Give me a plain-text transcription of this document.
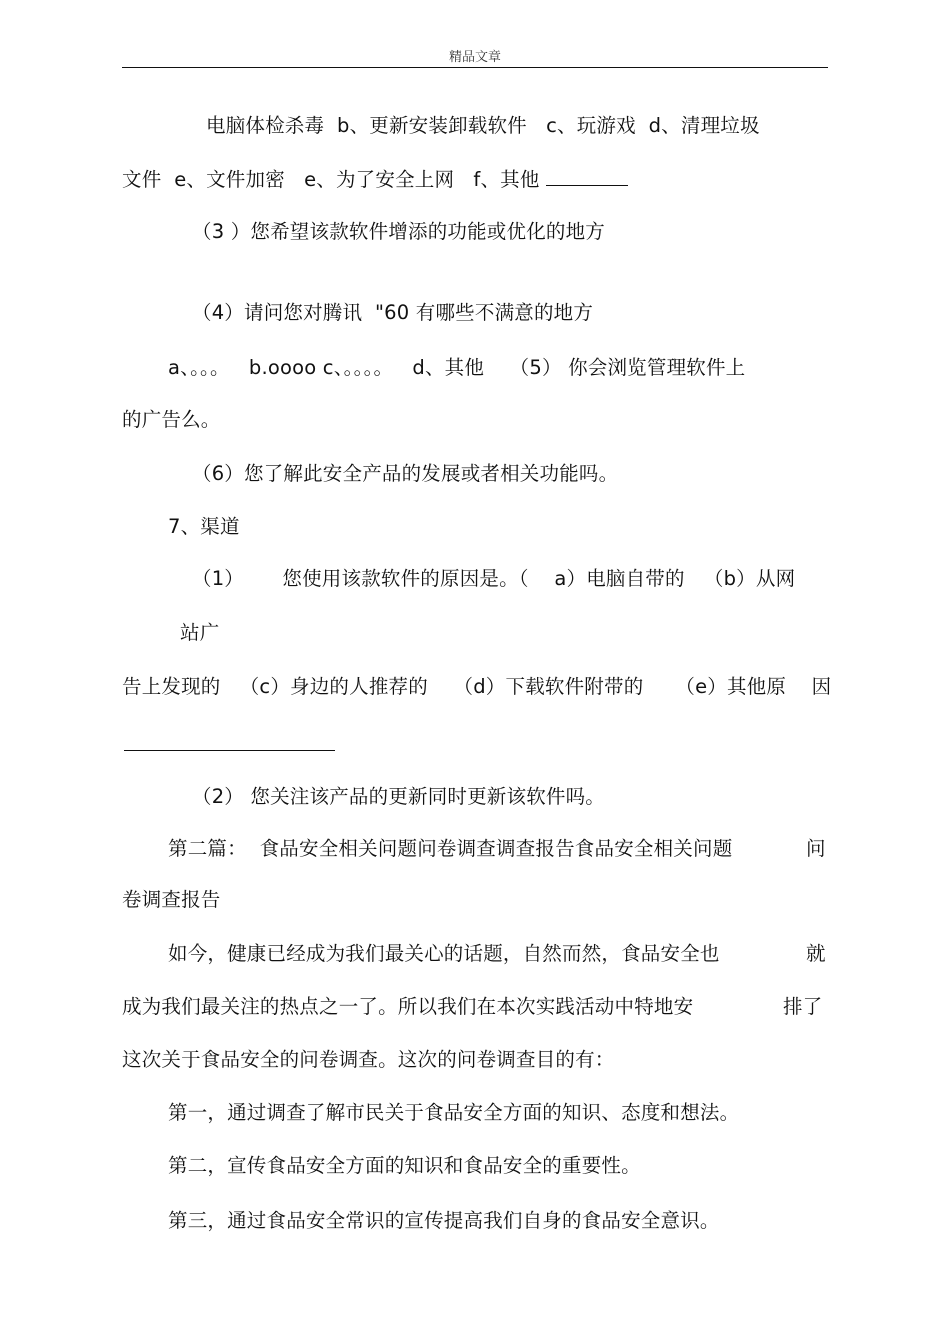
精品文章
电脑体检杀毒  b、更新安装卸载软件   c、玩游戏  d、清理垃圾
文件  e、文件加密   e、为了安全上网   f、其他
（3 ）您希望该款软件增添的功能或优化的地方
（4）请问您对腾讯  "60 有哪些不满意的地方
a、。。。   b.oooo c、。。。。   d、其他    （5） 你会浏览管理软件上
的广告么。
（6）您了解此安全产品的发展或者相关功能吗。
7、渠道
（1）      您使用该款软件的原因是。（    a）电脑自带的   （b）从网
站广
告上发现的   （c）身边的人推荐的    （d）下载软件附带的     （e）其他原    因
（2） 您关注该产品的更新同时更新该软件吗。
第二篇：  食品安全相关问题问卷调查调查报告食品安全相关问题	问
卷调查报告
如今，健康已经成为我们最关心的话题，自然而然，食品安全也	就
成为我们最关注的热点之一了。所以我们在本次实践活动中特地安	排了
这次关于食品安全的问卷调查。这次的问卷调查目的有：
第一，通过调查了解市民关于食品安全方面的知识、态度和想法。
第二，宣传食品安全方面的知识和食品安全的重要性。
第三，通过食品安全常识的宣传提高我们自身的食品安全意识。
